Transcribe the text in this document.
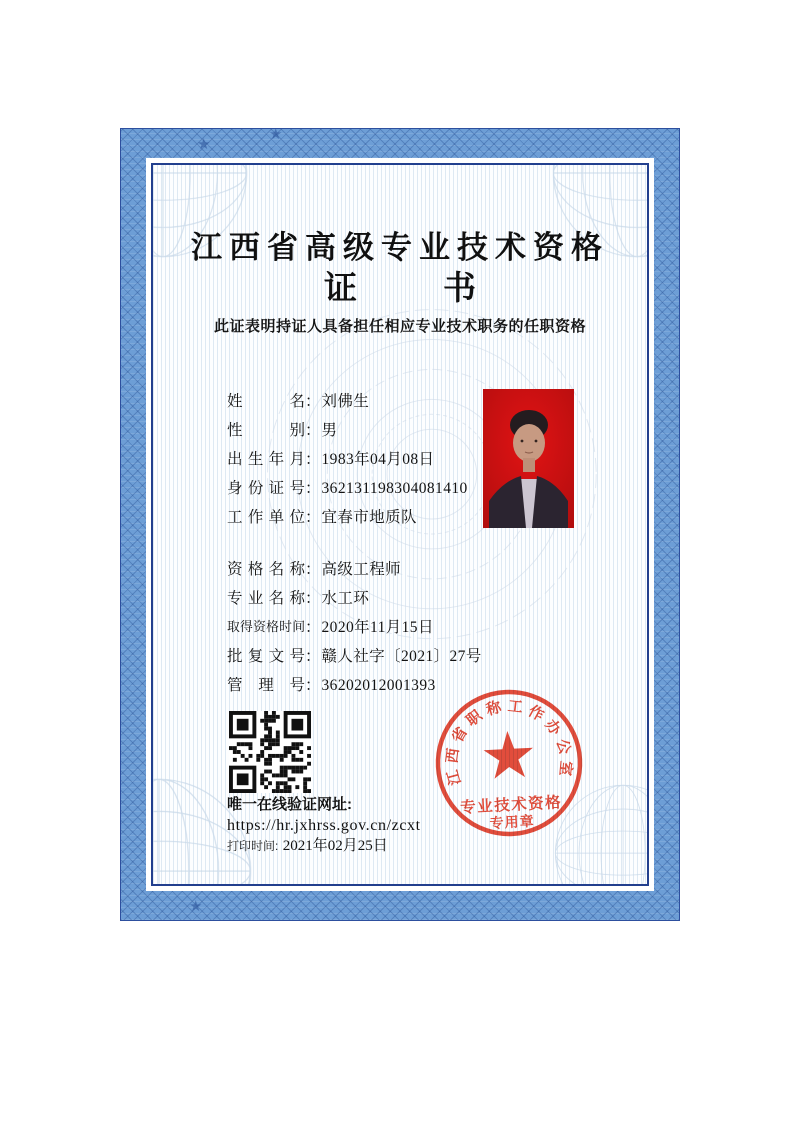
★
★
★
江西省高级专业技术资格
证	书

此证表明持证人具备担任相应专业技术职务的任职资格

姓名：刘佛生
性别：男
出生年月：1983年04月08日
身份证号：362131198304081410
工作单位：宜春市地质队
资格名称：高级工程师
专业名称：水工环
取得资格时间：2020年11月15日
批复文号：赣人社字〔2021〕27号
管理号：36202012001393
唯一在线验证网址:
https://hr.jxhrss.gov.cn/zcxt
打印时间: 2021年02月25日
江西省职称工作办公室
专业技术资格
专用章
